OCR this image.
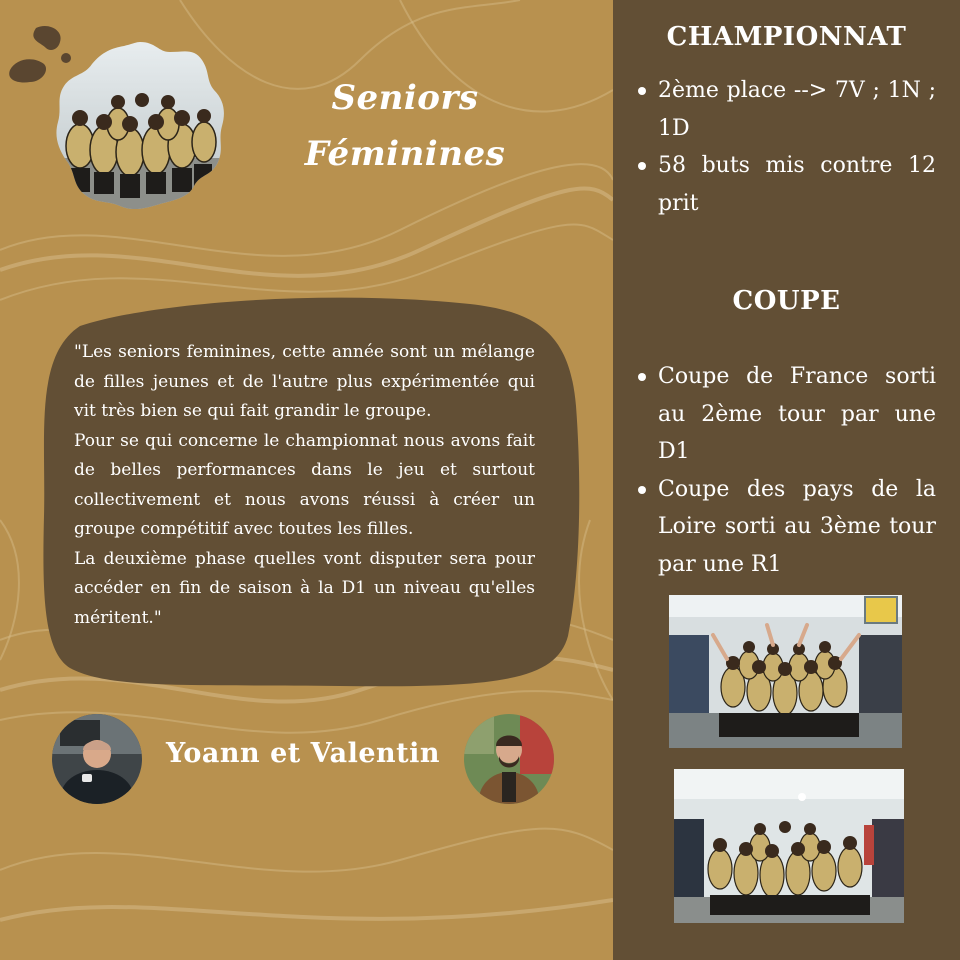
Seniors
Féminines

"Les seniors feminines, cette année sont un mélange de filles jeunes et de l'autre plus expérimentée qui vit très bien se qui fait grandir le groupe.

Pour se qui concerne le championnat nous avons fait de belles performances dans le jeu et surtout collectivement et nous avons réussi à créer un groupe compétitif avec toutes les filles.

La deuxième phase quelles vont disputer sera pour accéder en fin de saison à la D1 un niveau qu'elles méritent."

Yoann et Valentin
CHAMPIONNAT
2ème place --> 7V ; 1N ; 1D
58 buts mis contre 12 prit
COUPE
Coupe de France sorti au 2ème tour par une D1
Coupe des pays de la Loire sorti au 3ème tour par une R1
